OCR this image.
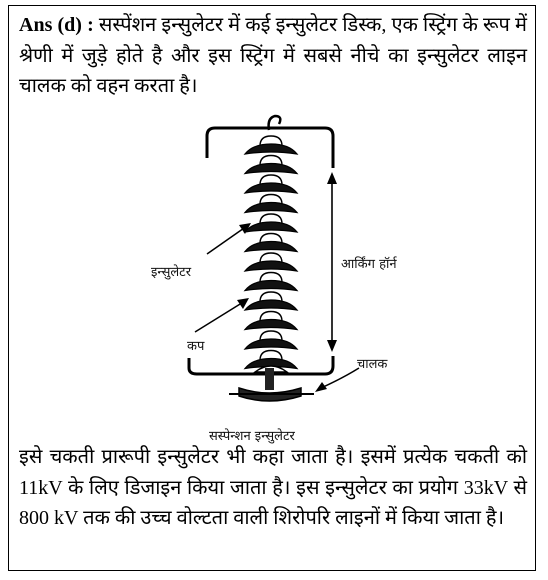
Ans (d) : सस्पेंशन इन्सुलेटर में कई इन्सुलेटर डिस्क, एक स्ट्रिंग के रूप में श्रेणी में जुड़े होते है और इस स्ट्रिंग में सबसे नीचे का इन्सुलेटर लाइन चालक को वहन करता है।

इन्सुलेटर
आर्किंग हॉर्न
कप
चालक
सस्पेन्शन इन्सुलेटर

इसे चकती प्रारूपी इन्सुलेटर भी कहा जाता है। इसमें प्रत्येक चकती को 11kV के लिए डिजाइन किया जाता है। इस इन्सुलेटर का प्रयोग 33kV से 800 kV तक की उच्च वोल्टता वाली शिरोपरि लाइनों में किया जाता है।
